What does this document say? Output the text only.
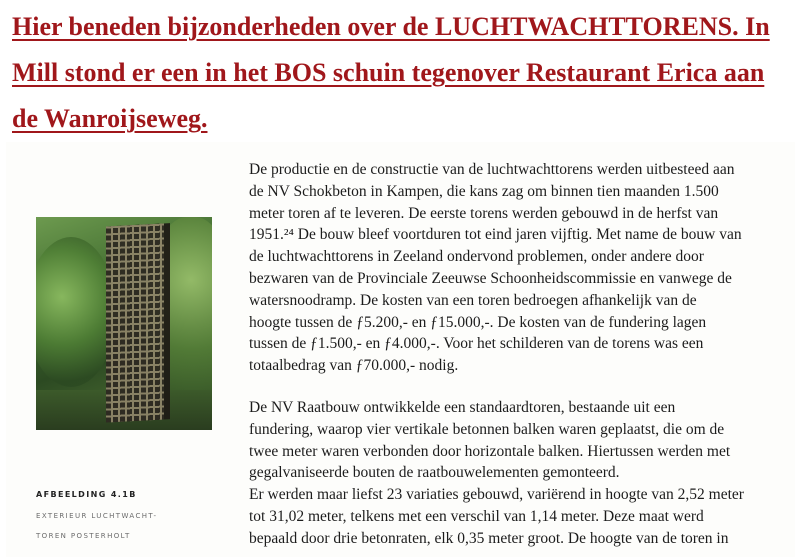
Hier beneden bijzonderheden over de LUCHTWACHTTORENS. In Mill stond er een in het BOS schuin tegenover Restaurant Erica aan de Wanroijseweg.

AFBEELDING 4.1B

EXTERIEUR LUCHTWACHT-

TOREN POSTERHOLT

De productie en de constructie van de luchtwachttorens werden uitbesteed aan
de NV Schokbeton in Kampen, die kans zag om binnen tien maanden 1.500
meter toren af te leveren. De eerste torens werden gebouwd in de herfst van
1951.²⁴ De bouw bleef voortduren tot eind jaren vijftig. Met name de bouw van
de luchtwachttorens in Zeeland ondervond problemen, onder andere door
bezwaren van de Provinciale Zeeuwse Schoonheidscommissie en vanwege de
watersnoodramp. De kosten van een toren bedroegen afhankelijk van de
hoogte tussen de ƒ5.200,- en ƒ15.000,-. De kosten van de fundering lagen
tussen de ƒ1.500,- en ƒ4.000,-. Voor het schilderen van de torens was een
totaalbedrag van ƒ70.000,- nodig.

De NV Raatbouw ontwikkelde een standaardtoren, bestaande uit een
fundering, waarop vier vertikale betonnen balken waren geplaatst, die om de
twee meter waren verbonden door horizontale balken. Hiertussen werden met
gegalvaniseerde bouten de raatbouwelementen gemonteerd.
Er werden maar liefst 23 variaties gebouwd, variërend in hoogte van 2,52 meter
tot 31,02 meter, telkens met een verschil van 1,14 meter. Deze maat werd
bepaald door drie betonraten, elk 0,35 meter groot. De hoogte van de toren in
